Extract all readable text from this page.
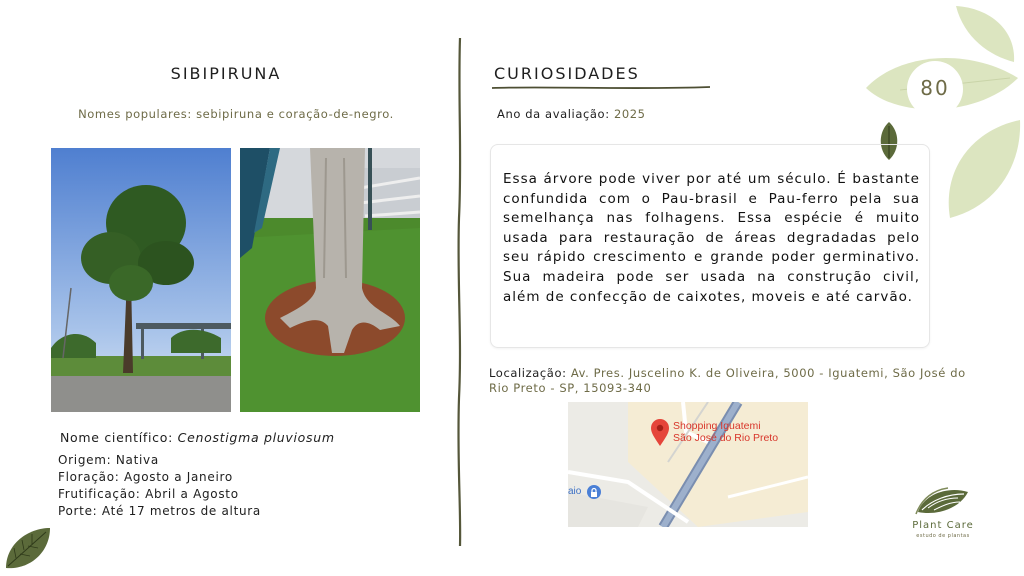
80
SIBIPIRUNA
Nomes populares: sebipiruna e coração-de-negro.
Nome científico: Cenostigma pluviosum
Origem: Nativa
Floração: Agosto a Janeiro
Frutificação: Abril a Agosto
Porte: Até 17 metros de altura
CURIOSIDADES
Ano da avaliação: 2025

Essa árvore pode viver por até um século. É bastante confundida com o Pau-brasil e Pau-ferro pela sua semelhança nas folhagens. Essa espécie é muito usada para restauração de áreas degradadas pelo seu rápido crescimento e grande poder germinativo. Sua madeira pode ser usada na construção civil, além de confecção de caixotes, moveis e até carvão.

Localização: Av. Pres. Juscelino K. de Oliveira, 5000 - Iguatemi, São José do Rio Preto - SP, 15093-340
Shopping Iguatemi
São José do Rio Preto
aio
Plant Care
estudo de plantas
